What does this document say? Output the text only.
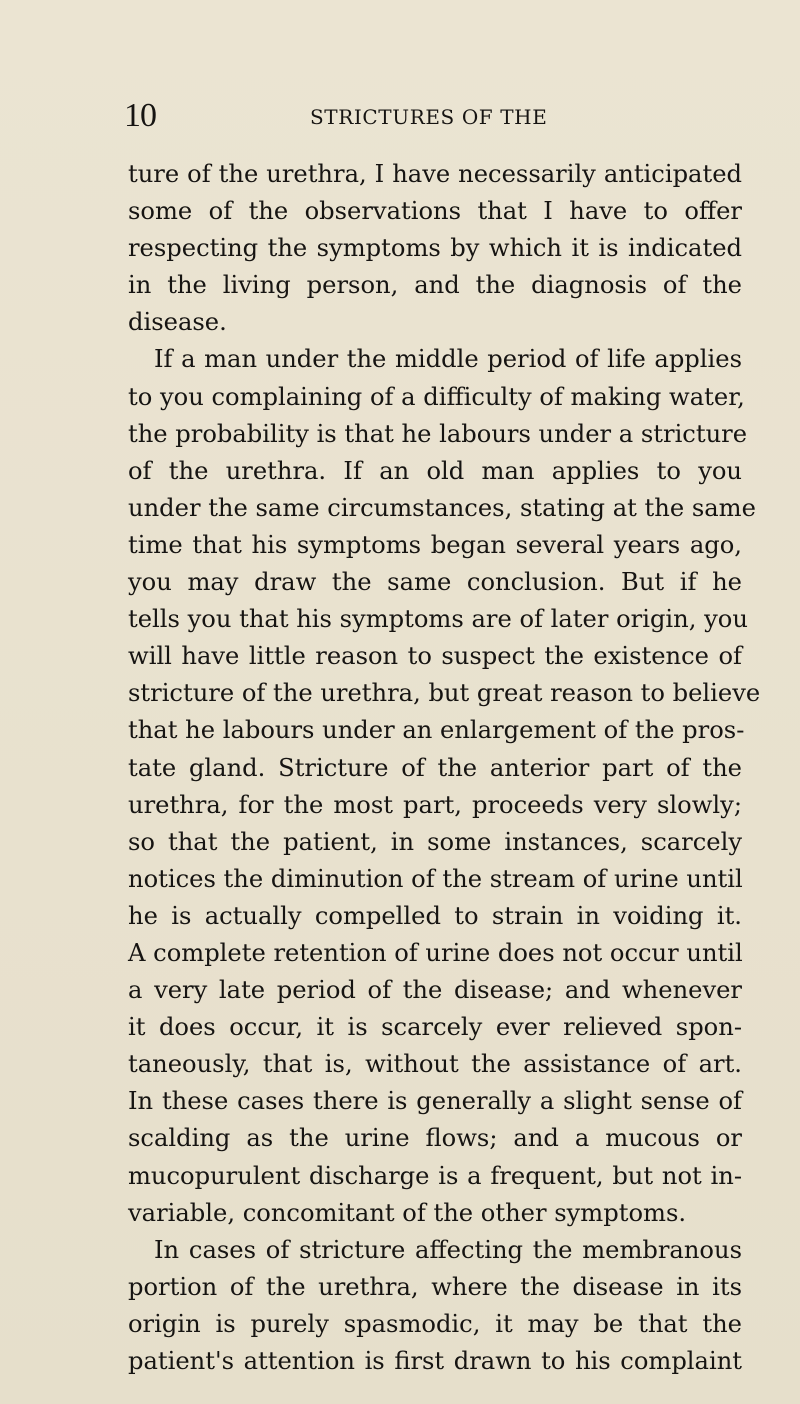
10	STRICTURES OF THE
ture of the urethra, I have necessarily anticipated
some of the observations that I have to offer
respecting the symptoms by which it is indicated
in the living person, and the diagnosis of the
disease.
If a man under the middle period of life applies
to you complaining of a difficulty of making water,
the probability is that he labours under a stricture
of the urethra. If an old man applies to you
under the same circumstances, stating at the same
time that his symptoms began several years ago,
you may draw the same conclusion. But if he
tells you that his symptoms are of later origin, you
will have little reason to suspect the existence of
stricture of the urethra, but great reason to believe
that he labours under an enlargement of the pros-
tate gland. Stricture of the anterior part of the
urethra, for the most part, proceeds very slowly;
so that the patient, in some instances, scarcely
notices the diminution of the stream of urine until
he is actually compelled to strain in voiding it.
A complete retention of urine does not occur until
a very late period of the disease; and whenever
it does occur, it is scarcely ever relieved spon-
taneously, that is, without the assistance of art.
In these cases there is generally a slight sense of
scalding as the urine flows; and a mucous or
mucopurulent discharge is a frequent, but not in-
variable, concomitant of the other symptoms.
In cases of stricture affecting the membranous
portion of the urethra, where the disease in its
origin is purely spasmodic, it may be that the
patient's attention is first drawn to his complaint
